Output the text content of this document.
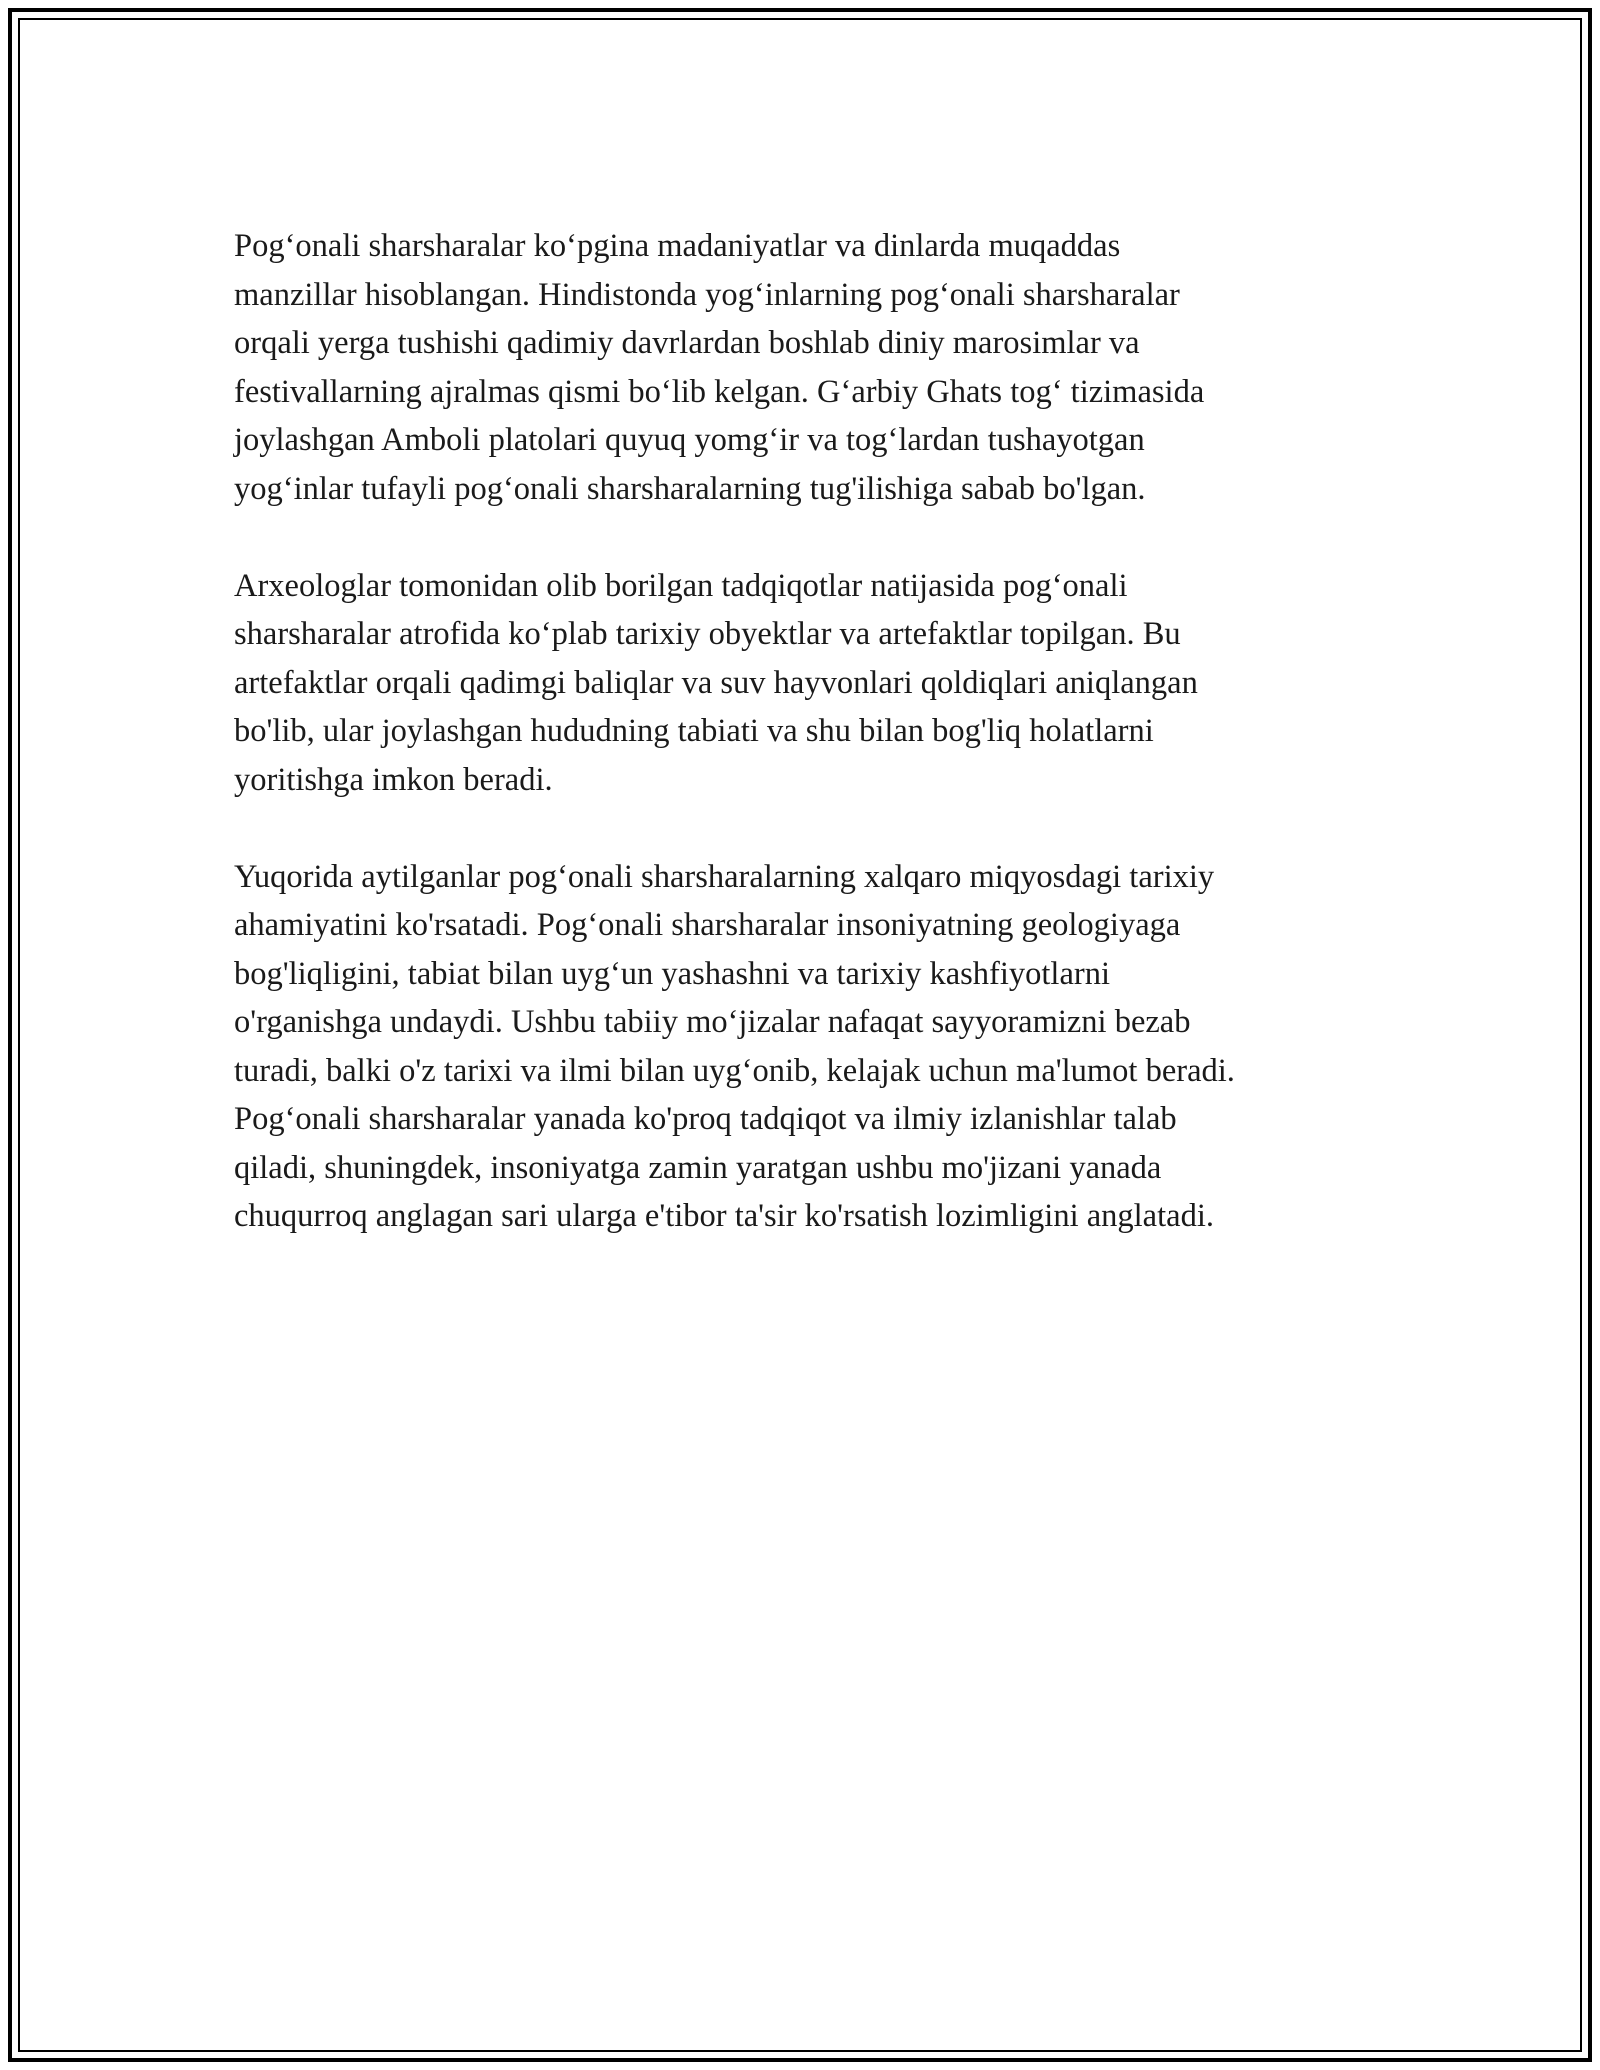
Pog‘onali sharsharalar ko‘pgina madaniyatlar va dinlarda muqaddas
manzillar hisoblangan. Hindistonda yog‘inlarning pog‘onali sharsharalar
orqali yerga tushishi qadimiy davrlardan boshlab diniy marosimlar va
festivallarning ajralmas qismi bo‘lib kelgan. G‘arbiy Ghats tog‘ tizimasida
joylashgan Amboli platolari quyuq yomg‘ir va tog‘lardan tushayotgan
yog‘inlar tufayli pog‘onali sharsharalarning tug'ilishiga sabab bo'lgan.

Arxeologlar tomonidan olib borilgan tadqiqotlar natijasida pog‘onali
sharsharalar atrofida ko‘plab tarixiy obyektlar va artefaktlar topilgan. Bu
artefaktlar orqali qadimgi baliqlar va suv hayvonlari qoldiqlari aniqlangan
bo'lib, ular joylashgan hududning tabiati va shu bilan bog'liq holatlarni
yoritishga imkon beradi.

Yuqorida aytilganlar pog‘onali sharsharalarning xalqaro miqyosdagi tarixiy
ahamiyatini ko'rsatadi. Pog‘onali sharsharalar insoniyatning geologiyaga
bog'liqligini, tabiat bilan uyg‘un yashashni va tarixiy kashfiyotlarni
o'rganishga undaydi. Ushbu tabiiy mo‘jizalar nafaqat sayyoramizni bezab
turadi, balki o'z tarixi va ilmi bilan uyg‘onib, kelajak uchun ma'lumot beradi.
Pog‘onali sharsharalar yanada ko'proq tadqiqot va ilmiy izlanishlar talab
qiladi, shuningdek, insoniyatga zamin yaratgan ushbu mo'jizani yanada
chuqurroq anglagan sari ularga e'tibor ta'sir ko'rsatish lozimligini anglatadi.
